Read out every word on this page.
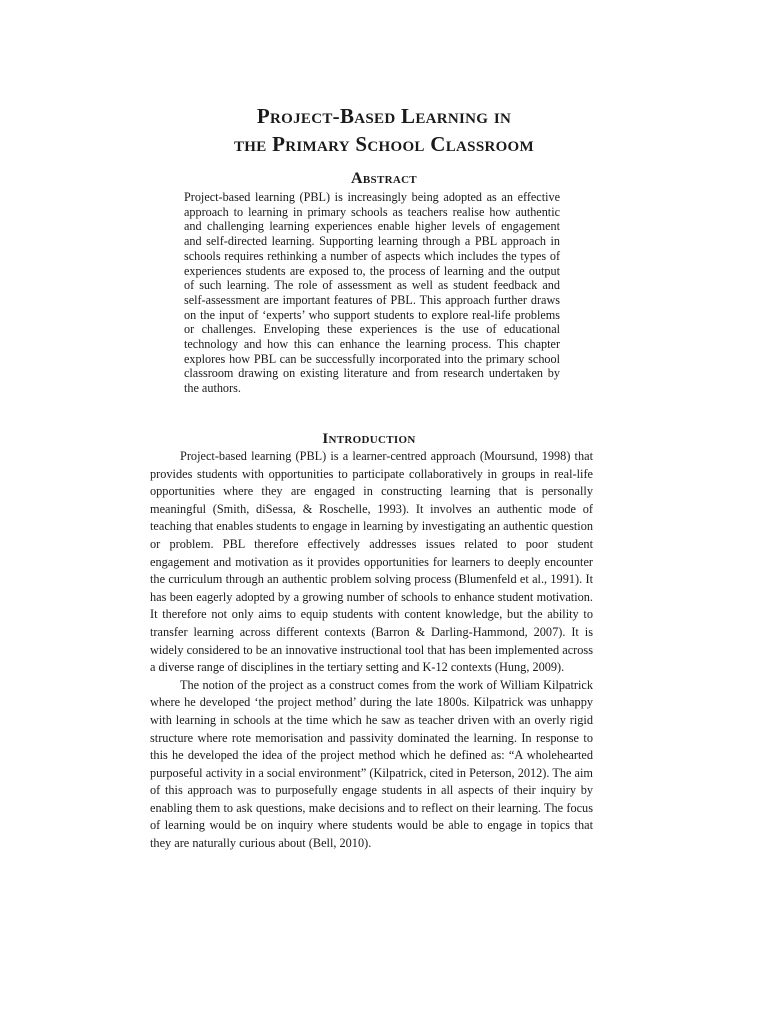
Project-Based Learning in
the Primary School Classroom
Abstract
Project-based learning (PBL) is increasingly being adopted as an effective approach to learning in primary schools as teachers realise how authentic and challenging learning experiences enable higher levels of engagement and self-directed learning. Supporting learning through a PBL approach in schools requires rethinking a number of aspects which includes the types of experiences students are exposed to, the process of learning and the output of such learning. The role of assessment as well as student feedback and self-assessment are important features of PBL. This approach further draws on the input of ‘experts’ who support students to explore real-life problems or challenges. Enveloping these experiences is the use of educational technology and how this can enhance the learning process. This chapter explores how PBL can be successfully incorporated into the primary school classroom drawing on existing literature and from research undertaken by the authors.
Introduction

Project-based learning (PBL) is a learner-centred approach (Moursund, 1998) that provides students with opportunities to participate collaboratively in groups in real-life opportunities where they are engaged in constructing learning that is personally meaningful (Smith, diSessa, & Roschelle, 1993). It involves an authentic mode of teaching that enables students to engage in learning by investigating an authentic question or problem. PBL therefore effectively addresses issues related to poor student engagement and motivation as it provides opportunities for learners to deeply encounter the curriculum through an authentic problem solving process (Blumenfeld et al., 1991). It has been eagerly adopted by a growing number of schools to enhance student motivation. It therefore not only aims to equip students with content knowledge, but the ability to transfer learning across different contexts (Barron & Darling-Hammond, 2007). It is widely considered to be an innovative instructional tool that has been implemented across a diverse range of disciplines in the tertiary setting and K-12 contexts (Hung, 2009).

The notion of the project as a construct comes from the work of William Kilpatrick where he developed ‘the project method’ during the late 1800s. Kilpatrick was unhappy with learning in schools at the time which he saw as teacher driven with an overly rigid structure where rote memorisation and passivity dominated the learning. In response to this he developed the idea of the project method which he defined as: “A wholehearted purposeful activity in a social environment” (Kilpatrick, cited in Peterson, 2012). The aim of this approach was to purposefully engage students in all aspects of their inquiry by enabling them to ask questions, make decisions and to reflect on their learning. The focus of learning would be on inquiry where students would be able to engage in topics that they are naturally curious about (Bell, 2010).
